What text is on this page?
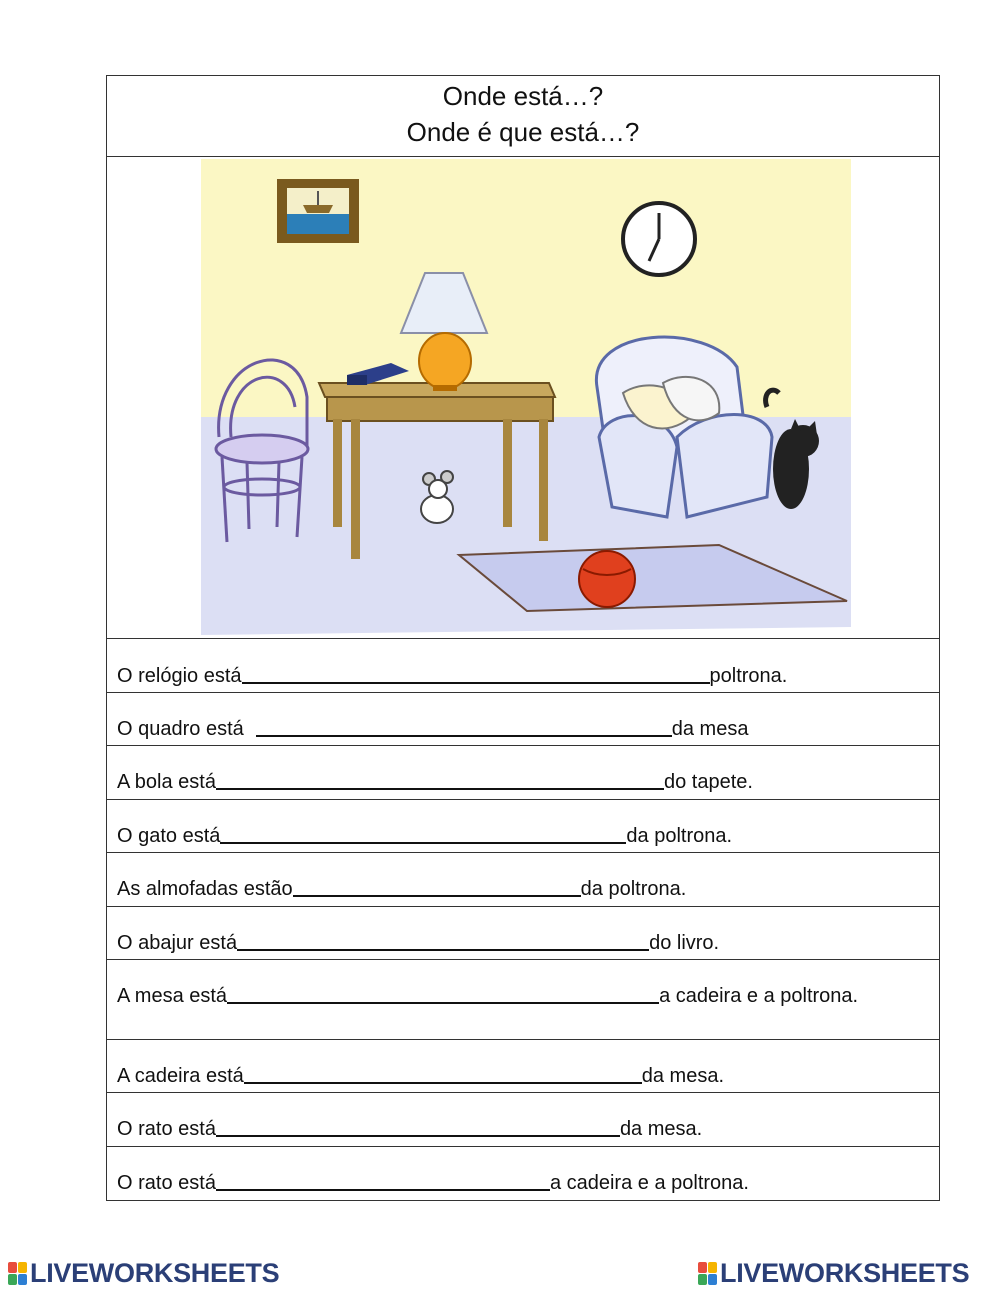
Onde está…?
Onde é que está…?
O relógio está	poltrona.
O quadro está	da mesa
A bola está	do tapete.
O gato está	da poltrona.
As almofadas estão	da poltrona.
O abajur está	do livro.
A mesa está	a cadeira e a poltrona.
A cadeira está	da mesa.
O rato está	da mesa.
O rato está	a cadeira e a poltrona.
LIVEWORKSHEETS	LIVEWORKSHEETS
